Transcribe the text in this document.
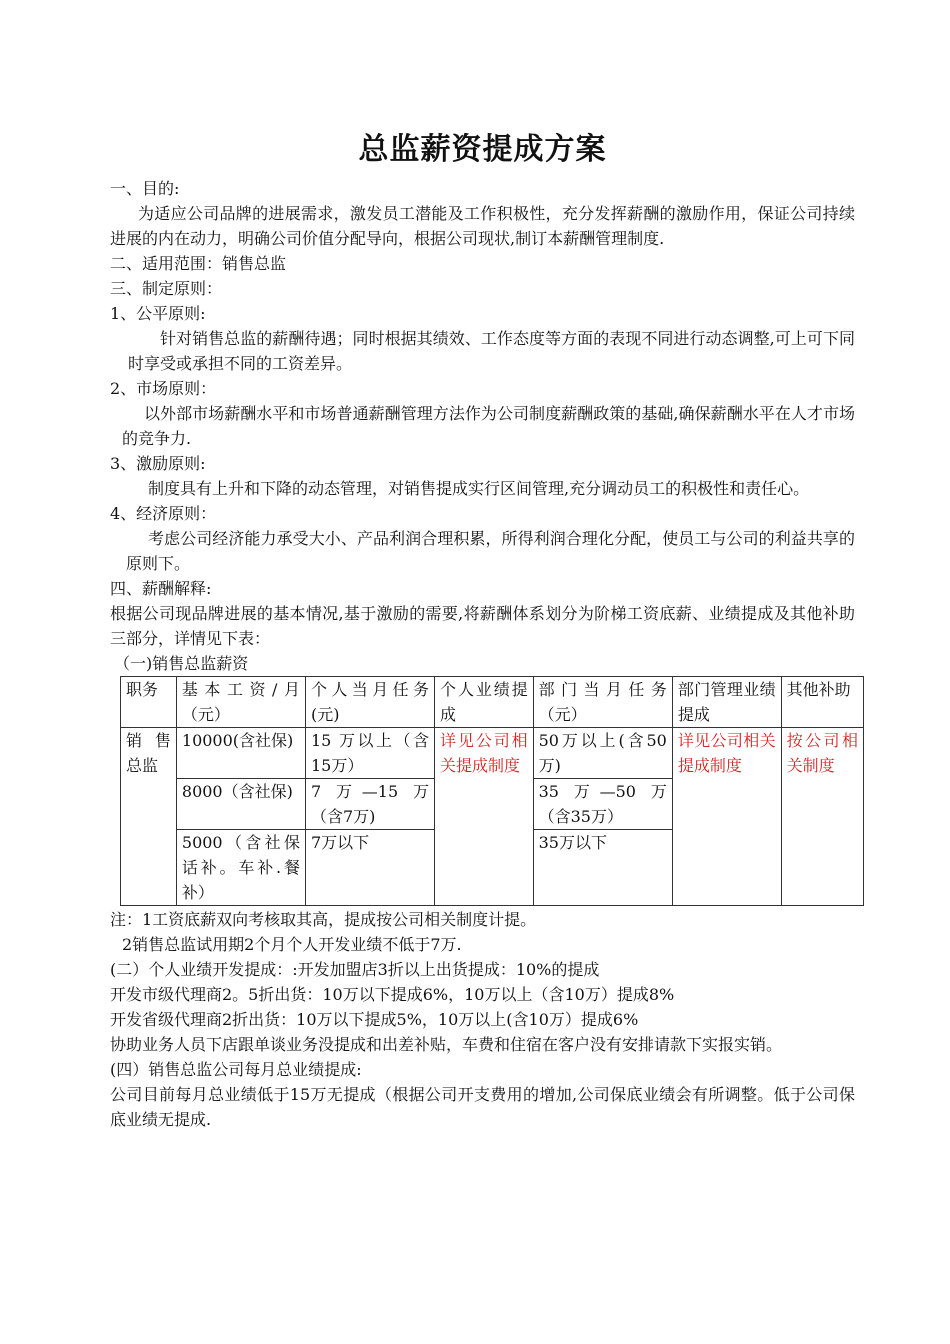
总监薪资提成方案

一、目的:

为适应公司品牌的进展需求，激发员工潜能及工作积极性，充分发挥薪酬的激励作用，保证公司持续进展的内在动力，明确公司价值分配导向，根据公司现状,制订本薪酬管理制度.

二、适用范围：销售总监

三、制定原则：

1、公平原则:

针对销售总监的薪酬待遇；同时根据其绩效、工作态度等方面的表现不同进行动态调整,可上可下同时享受或承担不同的工资差异。

2、市场原则：

以外部市场薪酬水平和市场普通薪酬管理方法作为公司制度薪酬政策的基础,确保薪酬水平在人才市场的竞争力.

3、激励原则:

制度具有上升和下降的动态管理，对销售提成实行区间管理,充分调动员工的积极性和责任心。

4、经济原则：

考虑公司经济能力承受大小、产品利润合理积累，所得利润合理化分配，使员工与公司的利益共享的原则下。

四、薪酬解释:

根据公司现品牌进展的基本情况,基于激励的需要,将薪酬体系划分为阶梯工资底薪、业绩提成及其他补助三部分，详情见下表：

（一)销售总监薪资

职务	基本工资/月（元）	个人当月任务(元)	个人业绩提成	部门当月任务（元）	部门管理业绩提成	其他补助
销售总监	10000(含社保)	15 万以上（含15万）	详见公司相关提成制度	50万以上(含50万)	详见公司相关提成制度	按公司相关制度
	8000（含社保)	7 万—15 万（含7万)		35 万—50 万（含35万）		
	5000（含社保话补。车补.餐补）	7万以下		35万以下		

注：1工资底薪双向考核取其高，提成按公司相关制度计提。

2销售总监试用期2个月个人开发业绩不低于7万.

(二）个人业绩开发提成：:开发加盟店3折以上出货提成：10%的提成

开发市级代理商2。5折出货：10万以下提成6%，10万以上（含10万）提成8%

开发省级代理商2折出货：10万以下提成5%，10万以上(含10万）提成6%

协助业务人员下店跟单谈业务没提成和出差补贴，车费和住宿在客户没有安排请款下实报实销。

(四）销售总监公司每月总业绩提成:

公司目前每月总业绩低于15万无提成（根据公司开支费用的增加,公司保底业绩会有所调整。低于公司保底业绩无提成.
